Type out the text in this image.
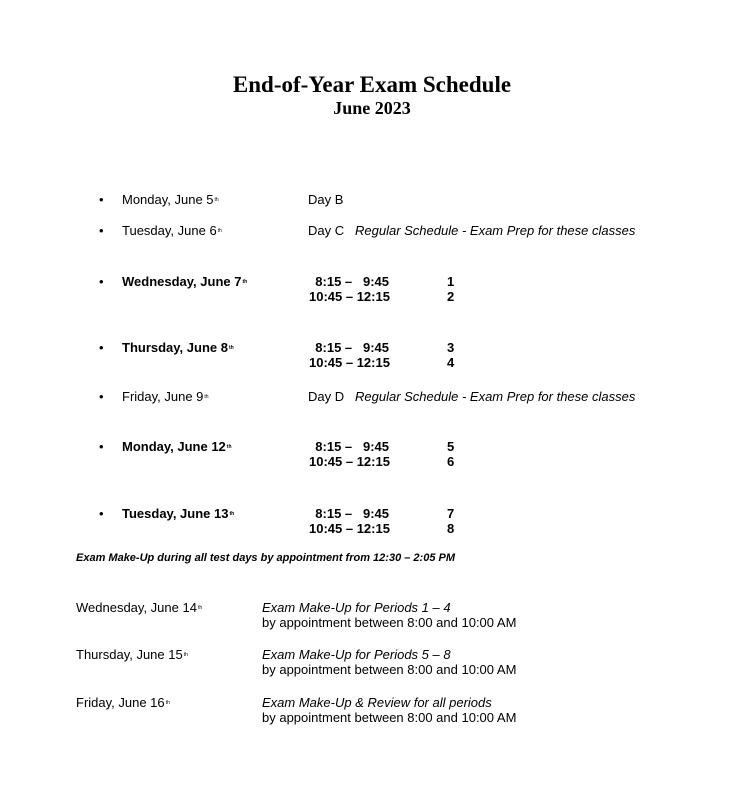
End-of-Year Exam Schedule
June 2023
• Monday, June 5th	Day B
• Tuesday, June 6th	Day C Regular Schedule - Exam Prep for these classes
• Wednesday, June 7th	8:15 –   9:45	1
10:45 – 12:15	2
• Thursday, June 8th	8:15 –   9:45	3
10:45 – 12:15	4
• Friday, June 9th	Day D Regular Schedule - Exam Prep for these classes
• Monday, June 12th	8:15 –   9:45	5
10:45 – 12:15	6
• Tuesday, June 13th	8:15 –   9:45	7
10:45 – 12:15	8
Exam Make-Up during all test days by appointment from 12:30 – 2:05 PM
Wednesday, June 14th	Exam Make-Up for Periods 1 – 4
by appointment between 8:00 and 10:00 AM
Thursday, June 15th	Exam Make-Up for Periods 5 – 8
by appointment between 8:00 and 10:00 AM
Friday, June 16th	Exam Make-Up & Review for all periods
by appointment between 8:00 and 10:00 AM
